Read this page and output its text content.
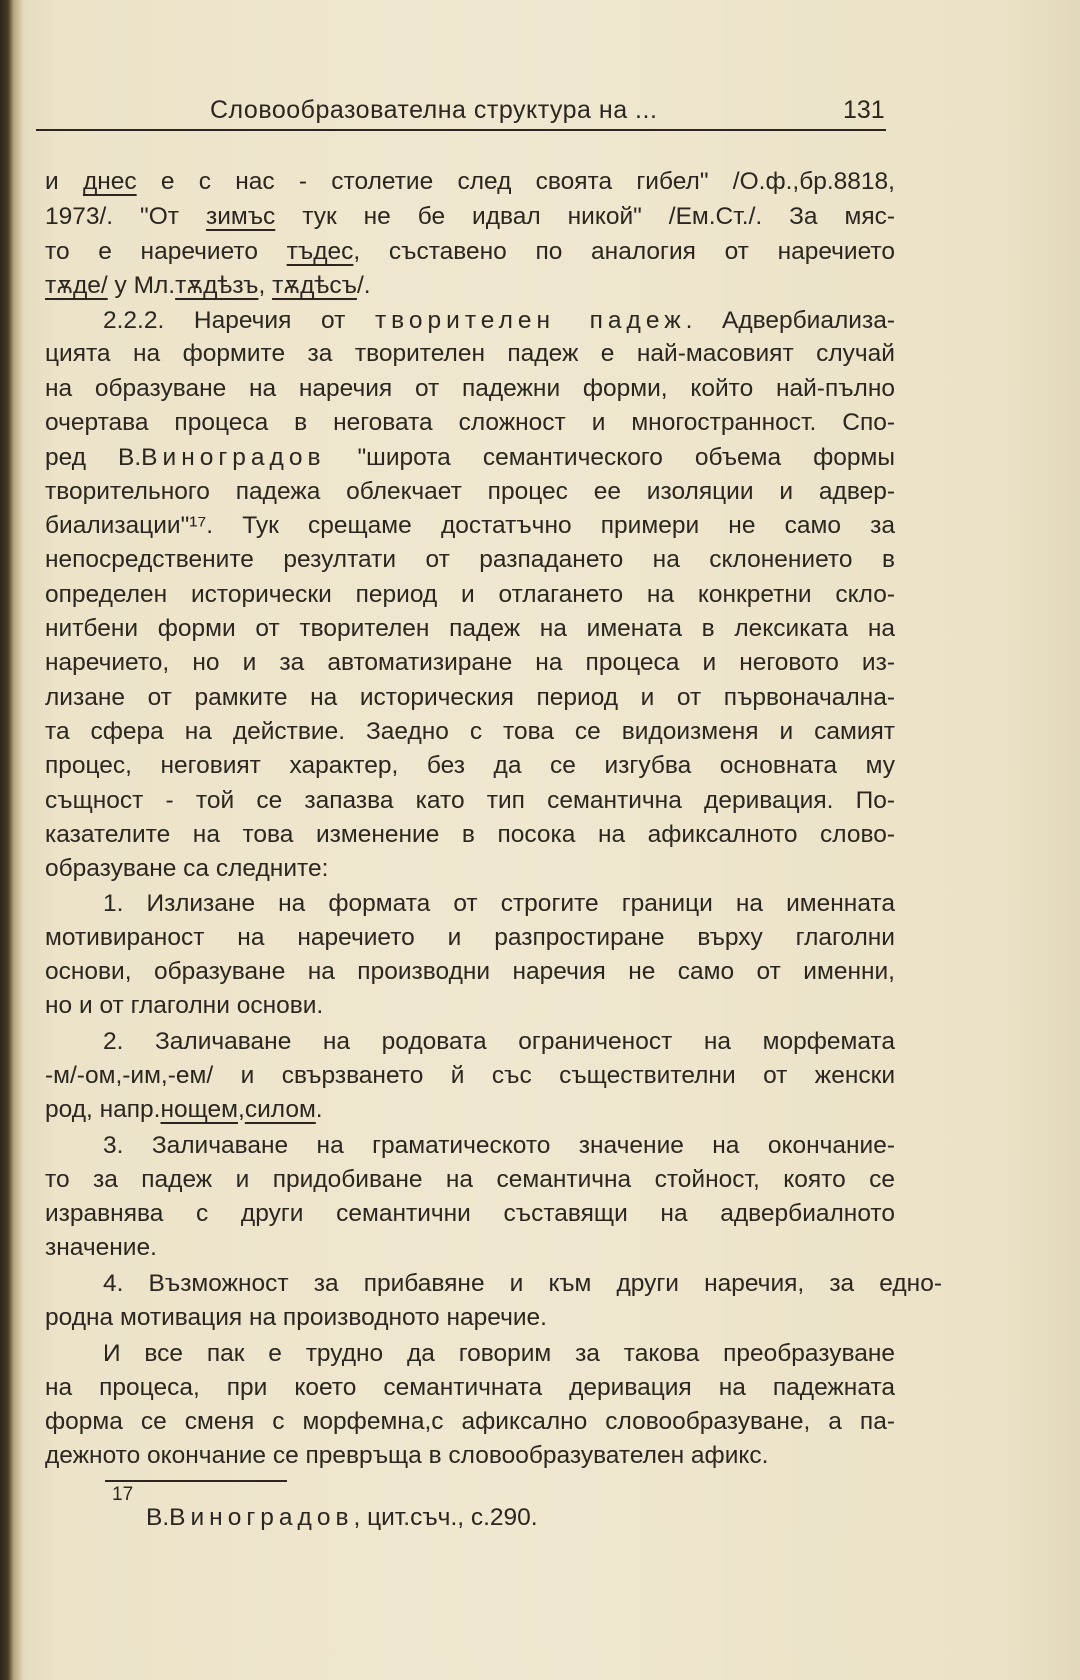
Словообразователна структура на ...	131
и днес е с нас - столетие след своята гибел" /О.ф.,бр.8818,
1973/. "От зимъс тук не бе идвал никой" /Ем.Ст./. За мяс-
то е наречието тъдес, съставено по аналогия от наречието
тѫде/ у Мл.тѫдѣзъ, тѫдѣсъ/.
2.2.2. Наречия от творителен падеж. Адвербиализа-
цията на формите за творителен падеж е най-масовият случай
на образуване на наречия от падежни форми, който най-пълно
очертава процеса в неговата сложност и многостранност. Спо-
ред В.Виноградов "широта семантического объема формы
творительного падежа облекчает процес ее изоляции и адвер-
биализации"¹⁷. Тук срещаме достатъчно примери не само за
непосредствените резултати от разпадането на склонението в
определен исторически период и отлагането на конкретни скло-
нитбени форми от творителен падеж на имената в лексиката на
наречието, но и за автоматизиране на процеса и неговото из-
лизане от рамките на историческия период и от първоначална-
та сфера на действие. Заедно с това се видоизменя и самият
процес, неговият характер, без да се изгубва основната му
същност - той се запазва като тип семантична деривация. По-
казателите на това изменение в посока на афиксалното слово-
образуване са следните:
1. Излизане на формата от строгите граници на именната
мотивираност на наречието и разпростиране върху глаголни
основи, образуване на производни наречия не само от именни,
но и от глаголни основи.
2. Заличаване на родовата ограниченост на морфемата
-м/-ом,-им,-ем/ и свързването й със съществителни от женски
род, напр.нощем,силом.
3. Заличаване на граматическото значение на окончание-
то за падеж и придобиване на семантична стойност, която се
изравнява с други семантични съставящи на адвербиалното
значение.
4. Възможност за прибавяне и към други наречия, за едно-
родна мотивация на производното наречие.
И все пак е трудно да говорим за такова преобразуване
на процеса, при което семантичната деривация на падежната
форма се сменя с морфемна,с афиксално словообразуване, а па-
дежното окончание се превръща в словообразувателен афикс.
17
В.Виноградов, цит.съч., с.290.
